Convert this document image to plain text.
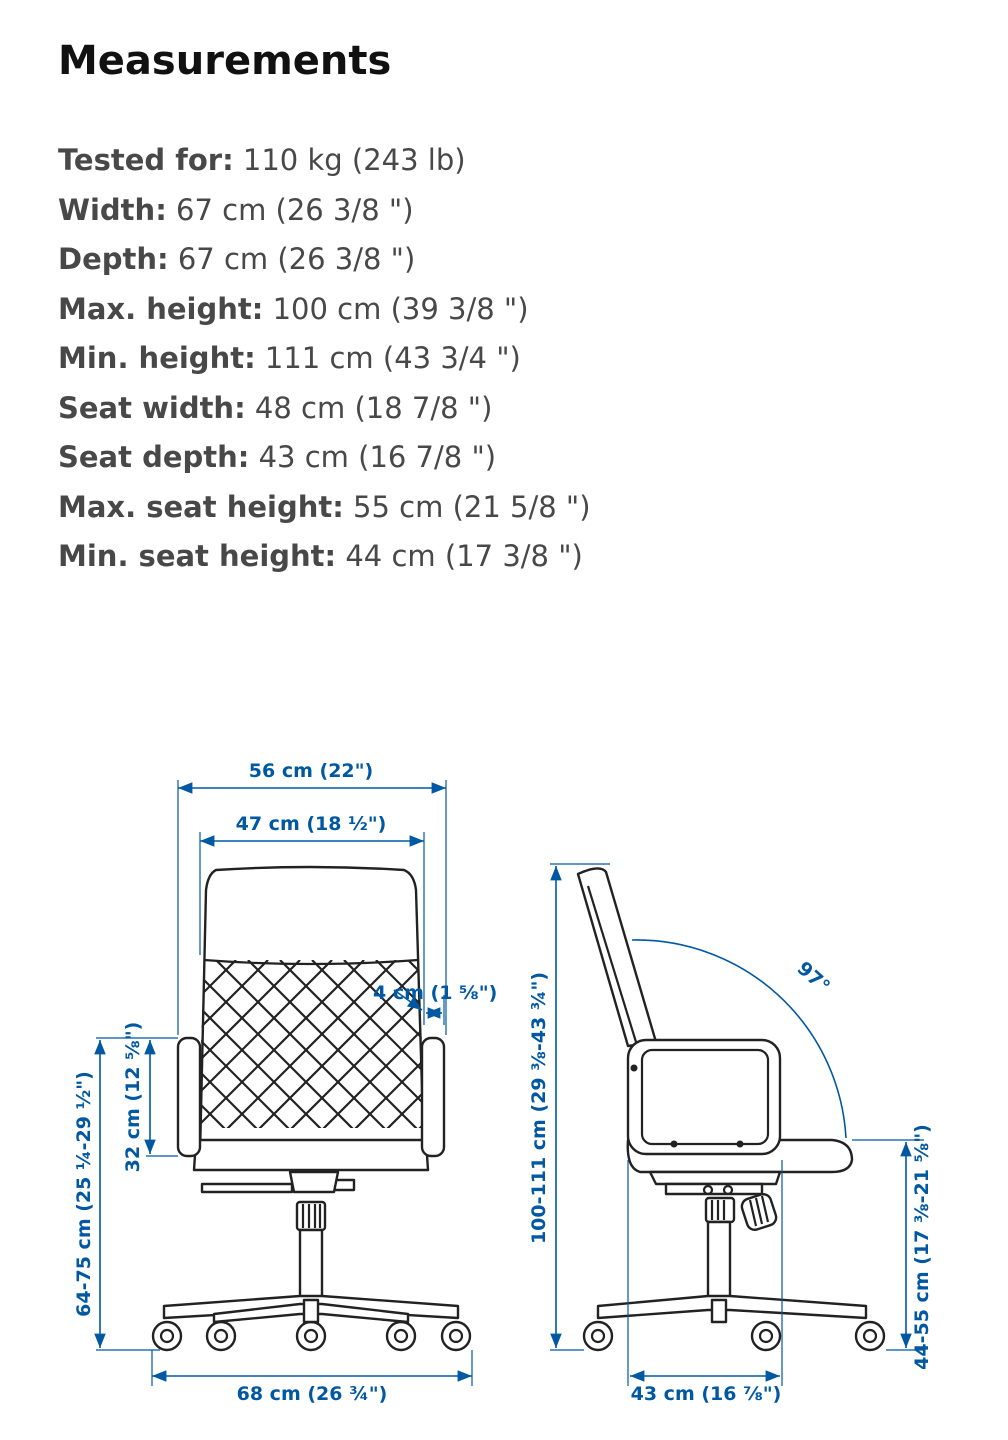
Measurements
Tested for: 110 kg (243 lb)
Width: 67 cm (26 3/8 ")
Depth: 67 cm (26 3/8 ")
Max. height: 100 cm (39 3/8 ")
Min. height: 111 cm (43 3/4 ")
Seat width: 48 cm (18 7/8 ")
Seat depth: 43 cm (16 7/8 ")
Max. seat height: 55 cm (21 5/8 ")
Min. seat height: 44 cm (17 3/8 ")
56 cm (22")
47 cm (18 ½")
4 cm (1 ⅝")
32 cm (12 ⅝")
64-75 cm (25 ¼-29 ½")
68 cm (26 ¾")
100-111 cm (29 ⅜-43 ¾")	97°
44-55 cm (17 ⅜-21 ⅝")
43 cm (16 ⅞")
